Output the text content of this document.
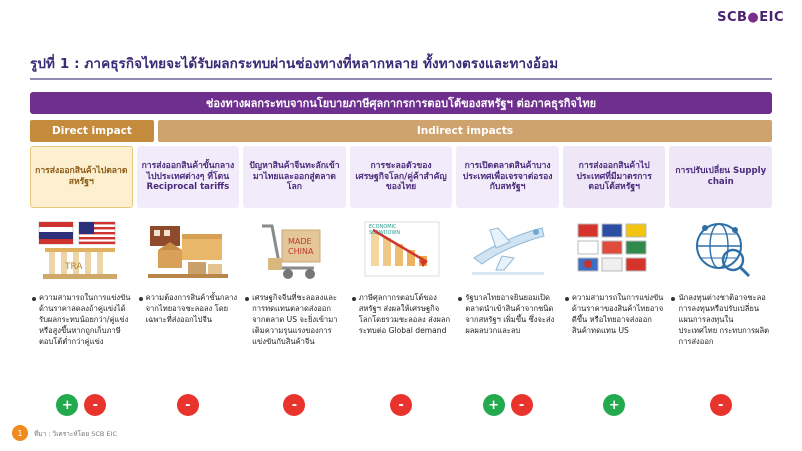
SCB●EIC
รูปที่ 1 : ภาคธุรกิจไทยจะได้รับผลกระทบผ่านช่องทางที่หลากหลาย ทั้งทางตรงและทางอ้อม
ช่องทางผลกระทบจากนโยบายภาษีศุลกากรการตอบโต้ของสหรัฐฯ ต่อภาคธุรกิจไทย
Direct impact	Indirect impacts
การส่งออกสินค้าไปตลาดสหรัฐฯ
TRA
ความสามารถในการแข่งขันด้านราคาลดลงถ้าคู่แข่งได้รับผลกระทบน้อยกว่า/คู่แข่ง หรือสูงขึ้นหากถูกเก็บภาษีตอบโต้ต่ำกว่าคู่แข่ง
+	-
การส่งออกสินค้าขั้นกลางไปประเทศต่างๆ ที่โดน Reciprocal tariffs
ความต้องการสินค้าขั้นกลางจากไทยอาจชะลอลง โดยเฉพาะที่ส่งออกไปจีน
-
ปัญหาสินค้าจีนทะลักเข้ามาไทยและออกสู่ตลาดโลก
MADE
CHINA
เศรษฐกิจจีนที่ชะลอลงและการทดแทนตลาดส่งออกจากตลาด US จะยิ่งเข้ามาเติมความรุนแรงของการแข่งขันกับสินค้าจีน
-
การชะลอตัวของเศรษฐกิจโลก/คู่ค้าสำคัญของไทย
ECONOMIC
SLOWDOWN
ภาษีศุลกากรตอบโต้ของสหรัฐฯ ส่งผลให้เศรษฐกิจโลกโดยรวมชะลอลง ส่งผลกระทบต่อ Global demand
-
การเปิดตลาดสินค้าบางประเทศเพื่อเจรจาต่อรองกับสหรัฐฯ
รัฐบาลไทยอาจยินยอมเปิดตลาดนำเข้าสินค้าจากชนิดจากสหรัฐฯ เพิ่มขึ้น ซึ่งจะส่งผลผลบวกและลบ
+	-
การส่งออกสินค้าไปประเทศที่มีมาตรการตอบโต้สหรัฐฯ
ความสามารถในการแข่งขันด้านราคาของสินค้าไทยอาจดีขึ้น หรือไทยอาจส่งออกสินค้าทดแทน US
+
การปรับเปลี่ยน Supply chain
นักลงทุนต่างชาติอาจชะลอการลงทุนหรือปรับเปลี่ยนแผนการลงทุนในประเทศไทย กระทบการผลิต การส่งออก
-
1	ที่มา : วิเคราะห์โดย SCB EIC
